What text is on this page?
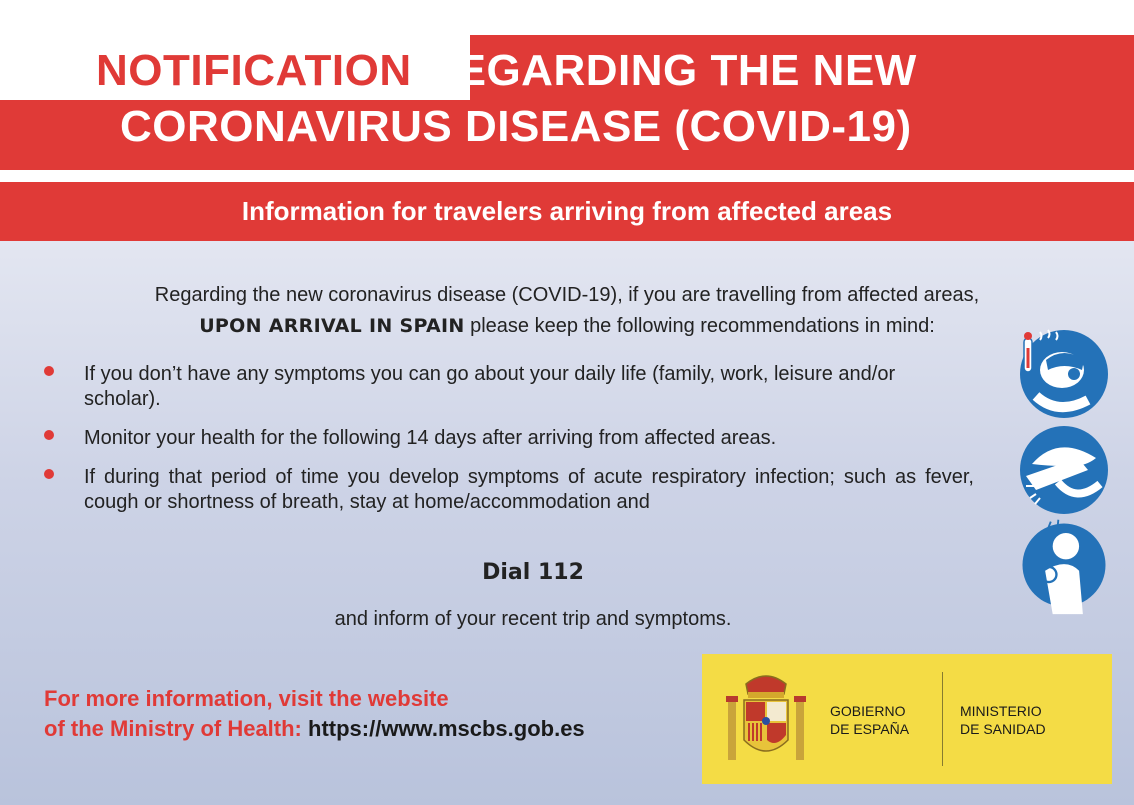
NOTIFICATION REGARDING THE NEW
CORONAVIRUS DISEASE (COVID-19)
Information for travelers arriving from affected areas
Regarding the new coronavirus disease (COVID-19), if you are travelling from affected areas,
UPON ARRIVAL IN SPAIN please keep the following recommendations in mind:
If you don’t have any symptoms you can go about your daily life (family, work, leisure and/or scholar).
Monitor your health for the following 14 days after arriving from affected areas.
If during that period of time you develop symptoms of acute respiratory infection; such as fever, cough or shortness of breath, stay at home/accommodation and
Dial 112
and inform of your recent trip and symptoms.
For more information, visit the website
of the Ministry of Health: https://www.mscbs.gob.es
GOBIERNO
DE ESPAÑA
MINISTERIO
DE SANIDAD
